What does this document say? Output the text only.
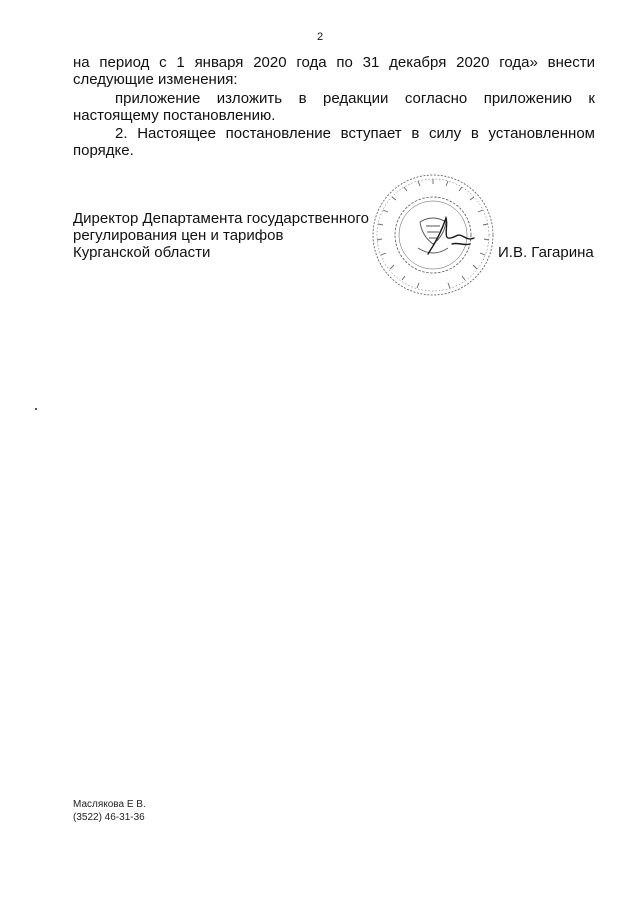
2

на период с 1 января 2020 года по 31 декабря 2020 года» внести следующие изменения:

приложение изложить в редакции согласно приложению к настоящему постановлению.

2. Настоящее постановление вступает в силу в установленном порядке.

Директор Департамента государственного
регулирования цен и тарифов
Курганской области	И.В. Гагарина
Маслякова Е В.
(3522) 46-31-36
